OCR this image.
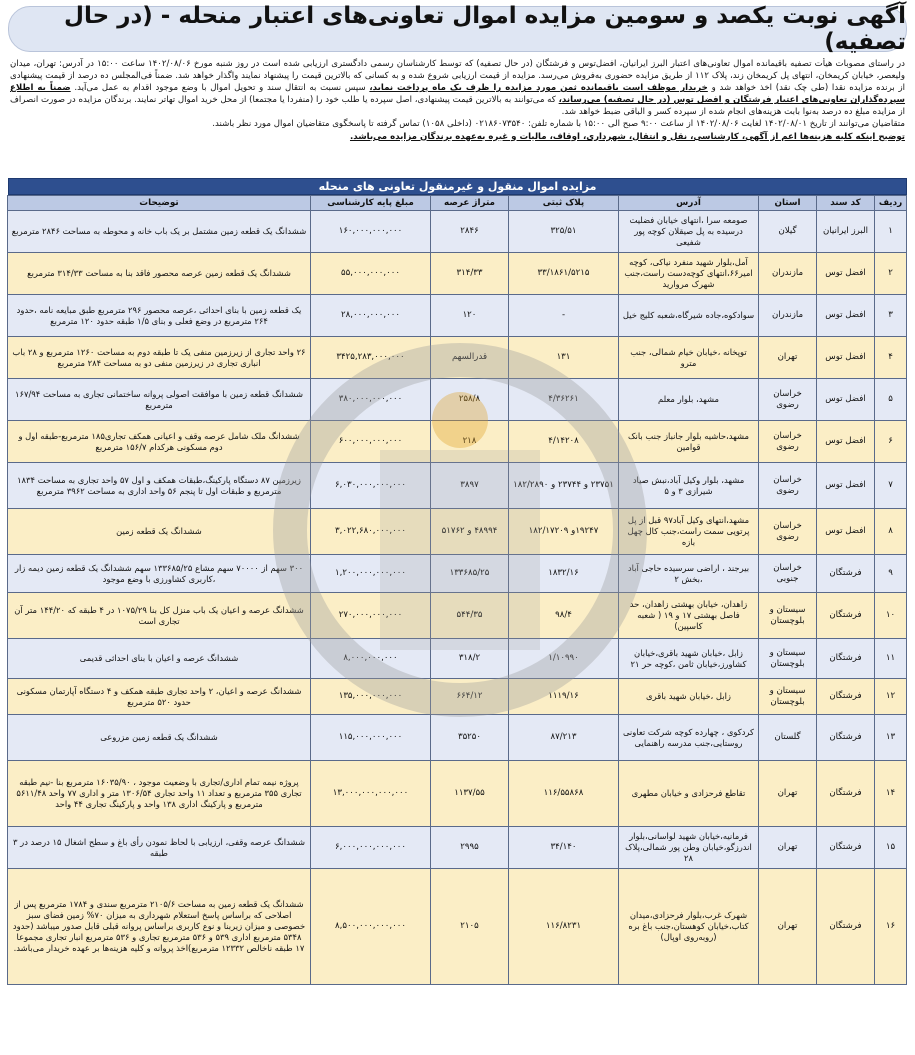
آگهی نوبت یکصد و سومین مزایده اموال تعاونی‌های اعتبار منحله - (در حال تصفیه)

در راستای مصوبات هیأت تصفیه باقیمانده اموال تعاونی‌های اعتبار البرز ایرانیان، افضل‌توس و فرشتگان (در حال تصفیه) که توسط کارشناسان رسمی دادگستری ارزیابی شده است در روز شنبه مورخ ۱۴۰۲/۰۸/۰۶ ساعت ۱۵:۰۰ در آدرس: تهران، میدان ولیعصر، خیابان کریمخان، انتهای پل کریمخان زند، پلاک ۱۱۲ از طریق مزایده حضوری به‌فروش می‌رسد. مزایده از قیمت ارزیابی شروع شده و به کسانی که بالاترین قیمت را پیشنهاد نمایند واگذار خواهد شد. ضمناً فی‌المجلس ده درصد از قیمت پیشنهادی از برنده مزایده نقدا (طی چک نقد) اخذ خواهد شد و خریدار موظف است باقیمانده ثمن مورد مزایده را ظرف یک ماه پرداخت نماید، سپس نسبت به انتقال سند و تحویل اموال با وضع موجود اقدام به عمل می‌آید. ضمناً به اطلاع سپرده‌گذاران تعاونی‌های اعتبار فرشتگان و افضل توس (در حال تصفیه) می‌رساند، که می‌توانند به بالاترین قیمت پیشنهادی، اصل سپرده یا طلب خود را (منفردا یا مجتمعا) از محل خرید اموال تهاتر نمایند. برندگان مزایده در صورت انصراف از مزایده مبلغ ده درصد به‌نوا بابت هزینه‌های انجام شده از سپرده کسر و الباقی ضبط خواهد شد.

متقاضیان می‌توانند از تاریخ ۱۴۰۲/۰۸/۰۱ لغایت ۱۴۰۲/۰۸/۰۶ از ساعت ۹:۰۰ صبح الی ۱۵:۰۰ با شماره تلفن: ۰۲۱۸۶۰۷۳۵۴۰ (داخلی ۱۰۵۸) تماس گرفته تا پاسخگوی متقاضیان اموال مورد نظر باشند.

توضیح اینکه کلیه هزینه‌ها اعم از آگهی، کارشناسی، نقل و انتقال، شهرداری، اوقاف، مالیات و غیره به‌عهده برندگان مزایده می‌باشد.

مزایده اموال منقول و غیرمنقول تعاونی های منحله
ردیف	کد سند	استان	آدرس	پلاک ثبتی	متراژ عرصه	مبلغ پایه کارشناسی	توضیحات
۱	البرز ایرانیان	گیلان	صومعه سرا ،انتهای خیابان فضلیت درسیده به پل صیقلان کوچه پور شفیعی	۳۲۵/۵۱	۲۸۴۶	۱۶۰,۰۰۰,۰۰۰,۰۰۰	ششدانگ یک قطعه زمین مشتمل بر یک باب خانه و محوطه به مساحت ۲۸۴۶ مترمربع
۲	افضل توس	مازندران	آمل،بلوار شهید منفرد نیاکی، کوچه امیر۶۶،انتهای کوچه‌دست راست،جنب شهرک مروارید	۳۳/۱۸۶۱/۵۲۱۵	۳۱۴/۳۳	۵۵,۰۰۰,۰۰۰,۰۰۰	ششدانگ یک قطعه زمین عرصه محصور فاقد بنا به مساحت ۳۱۴/۳۳ مترمربع
۳	افضل توس	مازندران	سوادکوه،جاده شیرگاه،شعبه کلیج خیل	-	۱۲۰	۲۸,۰۰۰,۰۰۰,۰۰۰	یک قطعه زمین با بنای احداثی ،عرصه محصور ۲۹۶ مترمربع طبق مبایعه نامه ،حدود ۲۶۴ مترمربع در وضع فعلی و بنای ۱/۵ طبقه حدود ۱۲۰ مترمربع
۴	افضل توس	تهران	توپخانه ،خیابان خیام شمالی، جنب مترو	۱۳۱	قدرالسهم	۳۴۲۵,۲۸۳,۰۰۰,۰۰۰	۲۶ واحد تجاری از زیرزمین منفی یک تا طبقه دوم به مساحت ۱۲۶۰ مترمربع و ۲۸ باب انباری تجاری در زیرزمین منفی دو به مساحت ۲۸۴ مترمربع
۵	افضل توس	خراسان رضوی	مشهد، بلوار معلم	۴/۳۶۲۶۱	۲۵۸/۸	۳۸۰,۰۰۰,۰۰۰,۰۰۰	ششدانگ قطعه زمین با موافقت اصولی پروانه ساختمانی تجاری به مساحت ۱۶۷/۹۴ مترمربع
۶	افضل توس	خراسان رضوی	مشهد،حاشیه بلوار جانباز جنب بانک قوامین	۴/۱۴۲۰۸	۲۱۸	۶۰۰,۰۰۰,۰۰۰,۰۰۰	ششدانگ ملک شامل عرصه وقف و اعیانی همکف تجاری۱۸۵ مترمربع-طبقه اول و دوم مسکونی هرکدام ۱۵۶/۷ مترمربع
۷	افضل توس	خراسان رضوی	مشهد، بلوار وکیل آباد،نبش صیاد شیرازی ۳ و ۵	۲۳۷۵۱ و ۲۳۷۴۴ و ۱۸۲/۲۸۹۰	۳۸۹۷	۶,۰۳۰,۰۰۰,۰۰۰,۰۰۰	زیرزمین ۸۷ دستگاه پارکینگ،طبقات همکف و اول ۵۷ واحد تجاری به مساحت ۱۸۳۴ مترمربع و طبقات اول تا پنجم ۵۶ واحد اداری به مساحت ۳۹۶۲ مترمربع
۸	افضل توس	خراسان رضوی	مشهد،انتهای وکیل آباد۹۷ قبل از پل پرتویی سمت راست،جنب کال چهل بازه	۱۹۲۴۷و ۱۸۲/۱۷۲۰۹	۴۸۹۹۴ و ۵۱۷۶۲	۳,۰۲۲,۶۸۰,۰۰۰,۰۰۰	ششدانگ یک قطعه زمین
۹	فرشتگان	خراسان جنوبی	بیرجند ، اراضی سرسیده حاجی آباد ،بخش ۲	۱۸۳۲/۱۶	۱۳۳۶۸۵/۲۵	۱,۲۰۰,۰۰۰,۰۰۰,۰۰۰	۳۰۰ سهم از ۷۰۰۰۰ سهم مشاع ۱۳۳۶۸۵/۲۵ سهم ششدانگ یک قطعه زمین دیمه زار ،کاربری کشاورزی با وضع موجود
۱۰	فرشتگان	سیستان و بلوچستان	زاهدان، خیابان بهشتی زاهدان، حد فاصل بهشتی ۱۷ و ۱۹ ( شعبه کاسپین)	۹۸/۴	۵۴۴/۳۵	۲۷۰,۰۰۰,۰۰۰,۰۰۰	ششدانگ عرصه و اعیان یک باب منزل کل بنا ۱۰۷۵/۲۹ در ۴ طبقه که ۱۴۴/۲۰ متر آن تجاری است
۱۱	فرشتگان	سیستان و بلوچستان	زابل ،خیابان شهید باقری،خیابان کشاورز،خیابان ثامن ،کوچه حر ۲۱	۱/۱۰۹۹۰	۳۱۸/۲	۸,۰۰۰,۰۰۰,۰۰۰	ششدانگ عرصه و اعیان با بنای احداثی قدیمی
۱۲	فرشتگان	سیستان و بلوچستان	زابل ،خیابان شهید باقری	۱۱۱۹/۱۶	۶۶۴/۱۲	۱۳۵,۰۰۰,۰۰۰,۰۰۰	ششدانگ عرصه و اعیان، ۲ واحد تجاری طبقه همکف و ۴ دستگاه آپارتمان مسکونی حدود ۵۲۰ مترمربع
۱۳	فرشتگان	گلستان	کردکوی ، چهارده کوچه شرکت تعاونی روستایی،جنب مدرسه راهنمایی	۸۷/۲۱۳	۳۵۲۵۰	۱۱۵,۰۰۰,۰۰۰,۰۰۰	ششدانگ یک قطعه زمین مزروعی
۱۴	فرشتگان	تهران	تقاطع فرحزادی و خیابان مطهری	۱۱۶/۵۵۸۶۸	۱۱۳۷/۵۵	۱۳,۰۰۰,۰۰۰,۰۰۰,۰۰۰	پروژه نیمه تمام اداری/تجاری با وضعیت موجود ، ۱۶۰۳۵/۹۰ مترمربع بنا -نیم طبقه تجاری ۳۵۵ مترمربع و تعداد ۱۱ واحد تجاری ۱۳۰۶/۵۴ متر و اداری ۷۷ واحد ۵۶۱۱/۴۸ مترمربع و پارکینگ اداری ۱۳۸ واحد و پارکینگ تجاری ۴۴ واحد
۱۵	فرشتگان	تهران	فرمانیه،خیابان شهید لواسانی،بلوار اندرزگو،خیابان وطن پور شمالی،پلاک ۲۸	۳۴/۱۴۰	۲۹۹۵	۶,۰۰۰,۰۰۰,۰۰۰,۰۰۰	ششدانگ عرصه وقفی، ارزیابی با لحاظ نمودن رأی باغ و سطح اشغال ۱۵ درصد در ۳ طبقه
۱۶	فرشتگان	تهران	شهرک غرب،بلوار فرحزادی،میدان کتاب،خیابان کوهستان،جنب باغ بره (روبه‌روی اوپال)	۱۱۶/۸۲۳۱	۲۱۰۵	۸,۵۰۰,۰۰۰,۰۰۰,۰۰۰	ششدانگ یک قطعه زمین به مساحت ۲۱۰۵/۶ مترمربع سندی و ۱۷۸۴ مترمربع پس از اصلاحی که براساس پاسخ استعلام شهرداری به میزان ۷۰% زمین فضای سبز خصوصی و میزان زیربنا و نوع کاربری براساس پروانه قبلی قابل صدور میباشد (حدود ۵۳۴۸ مترمربع اداری ۵۳۹ و ۵۳۶ مترمربع تجاری و ۵۳۶ مترمربع انبار تجاری مجموعا ۱۷ طبقه ناخالص ۱۲۳۳۲ مترمربع)اخذ پروانه و کلیه هزینه‌ها بر عهده خریدار می‌باشد.
